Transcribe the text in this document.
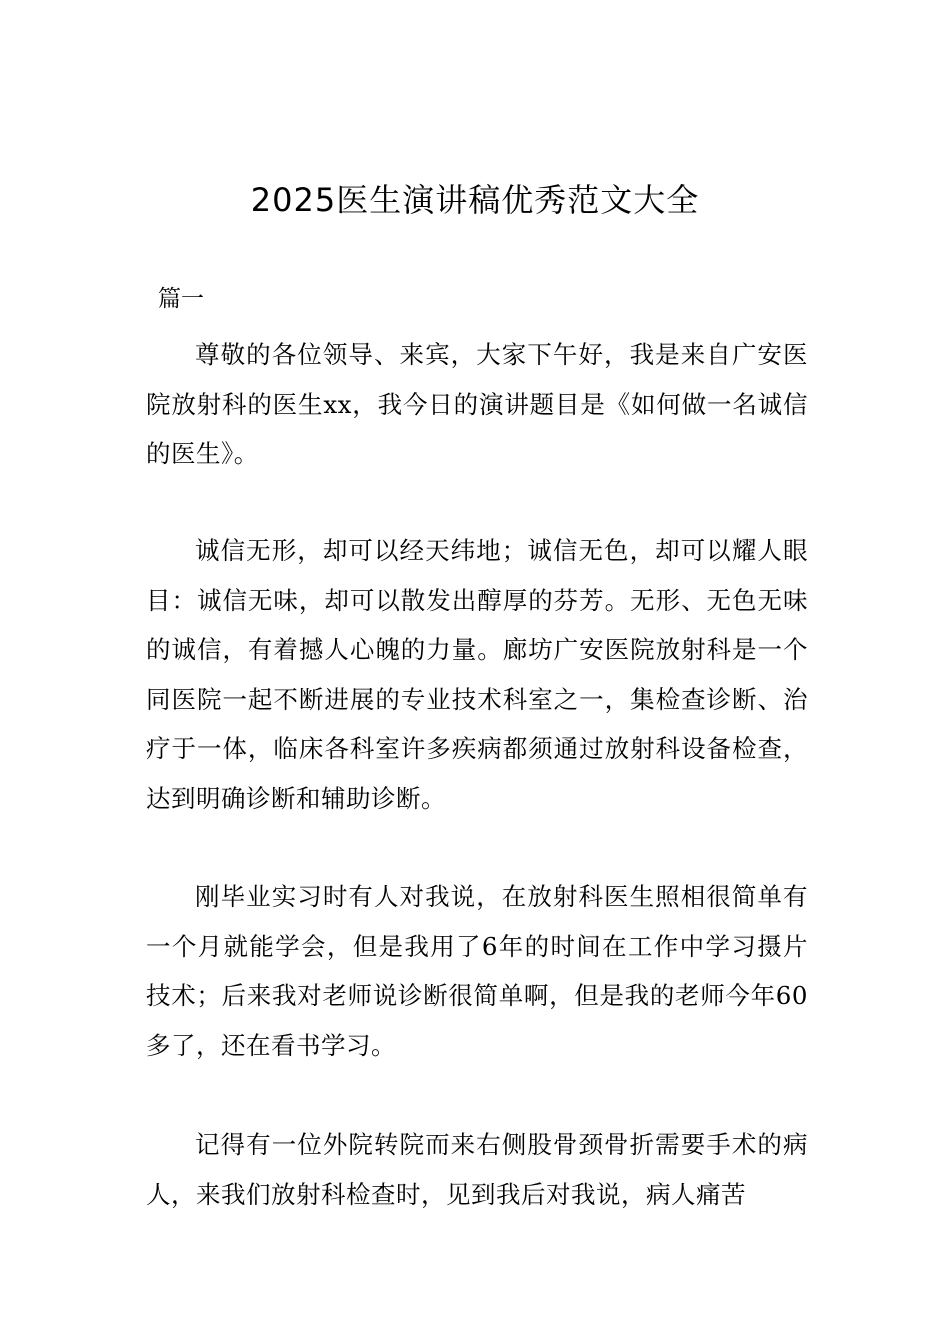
2025医生演讲稿优秀范文大全

篇一

尊敬的各位领导、来宾，大家下午好，我是来自广安医院放射科的医生xx，我今日的演讲题目是《如何做一名诚信的医生》。

诚信无形，却可以经天纬地；诚信无色，却可以耀人眼目：诚信无味，却可以散发出醇厚的芬芳。无形、无色无味的诚信，有着撼人心魄的力量。廊坊广安医院放射科是一个同医院一起不断进展的专业技术科室之一，集检查诊断、治疗于一体，临床各科室许多疾病都须通过放射科设备检查，达到明确诊断和辅助诊断。

刚毕业实习时有人对我说，在放射科医生照相很简单有一个月就能学会，但是我用了6年的时间在工作中学习摄片技术；后来我对老师说诊断很简单啊，但是我的老师今年60多了，还在看书学习。

记得有一位外院转院而来右侧股骨颈骨折需要手术的病人，来我们放射科检查时，见到我后对我说，病人痛苦
